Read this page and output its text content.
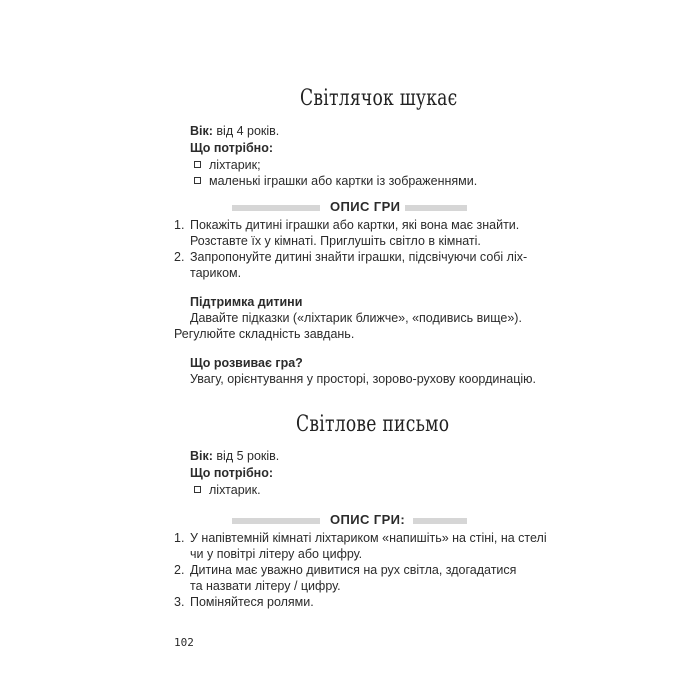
Світлячок шукає
Вік: від 4 років.
Що потрібно:
ліхтарик;
маленькі іграшки або картки із зображеннями.
ОПИС ГРИ
1. Покажіть дитині іграшки або картки, які вона має знайти.
Розставте їх у кімнаті. Приглушіть світло в кімнаті.
2. Запропонуйте дитині знайти іграшки, підсвічуючи собі ліх-
тариком.
Підтримка дитини
Давайте підказки («ліхтарик ближче», «подивись вище»).
Регулюйте складність завдань.
Що розвиває гра?
Увагу, орієнтування у просторі, зорово-рухову координацію.
Світлове письмо
Вік: від 5 років.
Що потрібно:
ліхтарик.
ОПИС ГРИ:
1. У напівтемній кімнаті ліхтариком «напишіть» на стіні, на стелі
чи у повітрі літеру або цифру.
2. Дитина має уважно дивитися на рух світла, здогадатися
та назвати літеру / цифру.
3. Поміняйтеся ролями.
102
